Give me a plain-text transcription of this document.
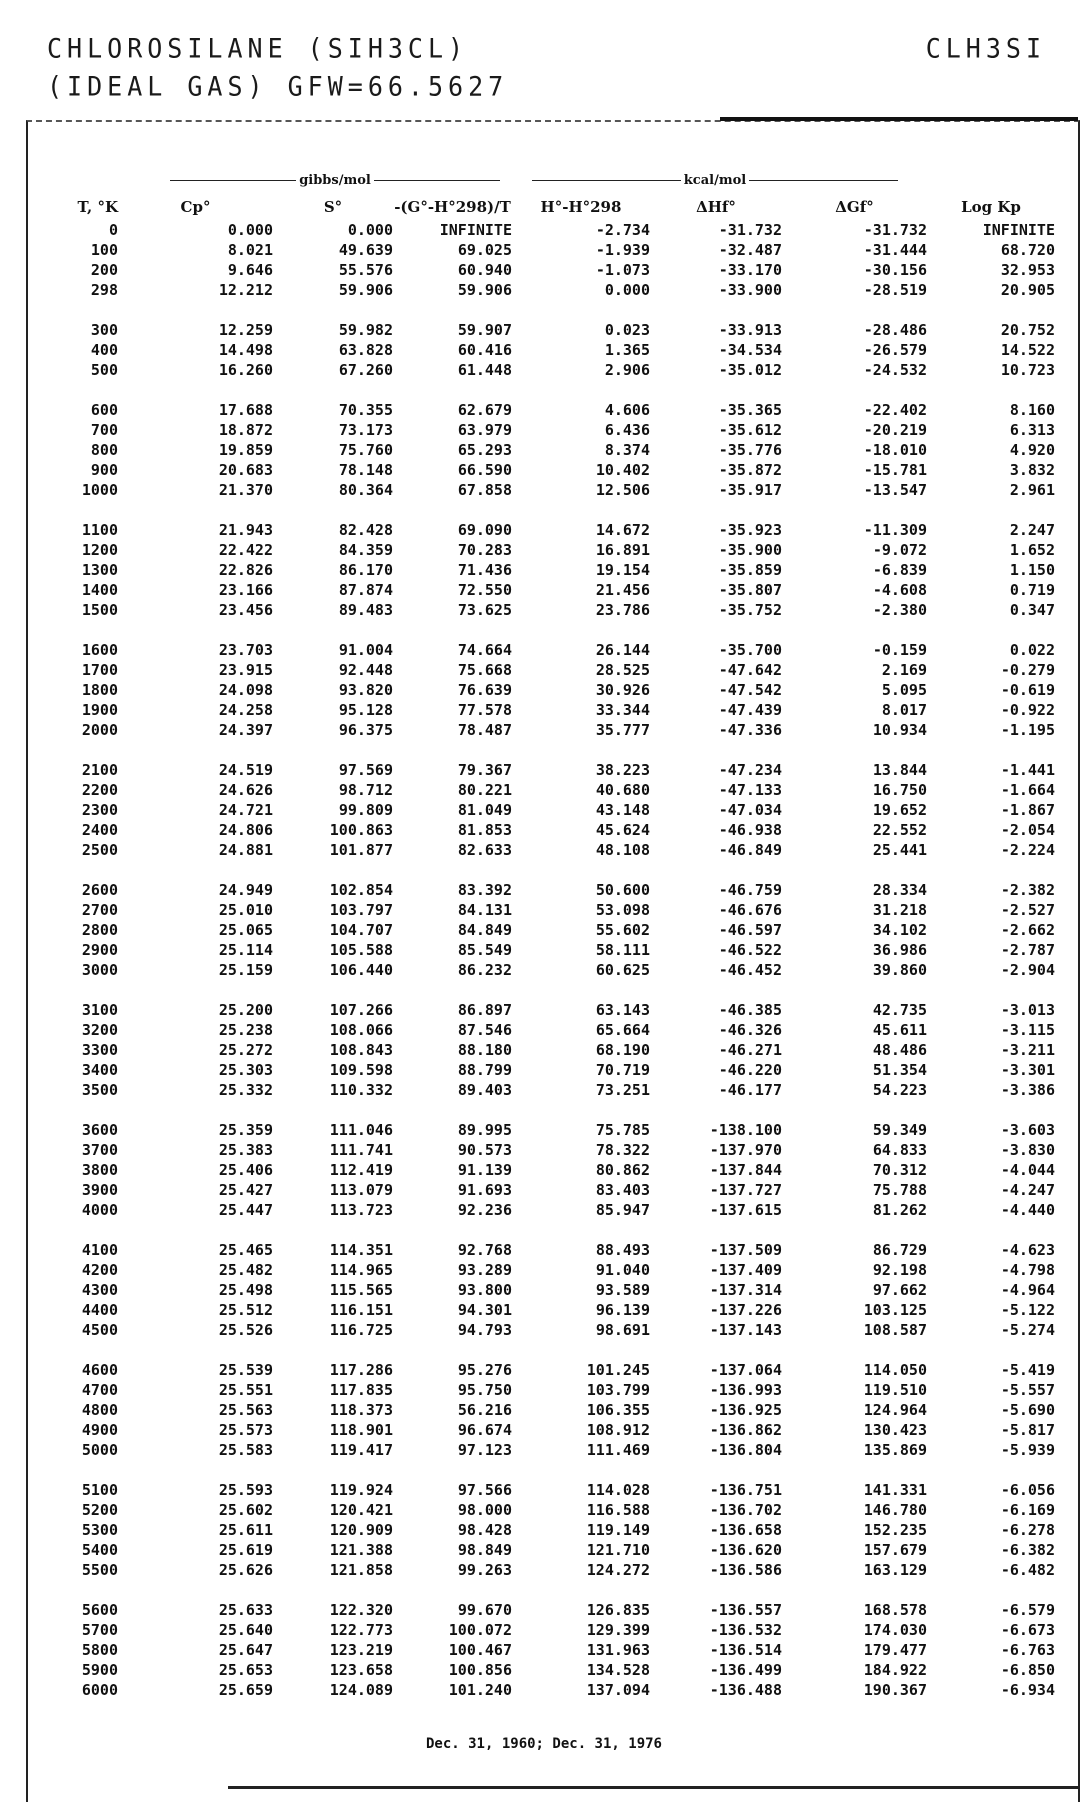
CHLOROSILANE (SIH3CL)
(IDEAL GAS) GFW=66.5627
CLH3SI
gibbs/mol	kcal/mol
T, °K	Cp°	S°	-(G°-H°298)/T	H°-H°298	ΔHf°	ΔGf°	Log Kp
0	0.000	0.000	INFINITE	-2.734	-31.732	-31.732	INFINITE
100	8.021	49.639	69.025	-1.939	-32.487	-31.444	68.720
200	9.646	55.576	60.940	-1.073	-33.170	-30.156	32.953
298	12.212	59.906	59.906	0.000	-33.900	-28.519	20.905

300	12.259	59.982	59.907	0.023	-33.913	-28.486	20.752
400	14.498	63.828	60.416	1.365	-34.534	-26.579	14.522
500	16.260	67.260	61.448	2.906	-35.012	-24.532	10.723

600	17.688	70.355	62.679	4.606	-35.365	-22.402	8.160
700	18.872	73.173	63.979	6.436	-35.612	-20.219	6.313
800	19.859	75.760	65.293	8.374	-35.776	-18.010	4.920
900	20.683	78.148	66.590	10.402	-35.872	-15.781	3.832
1000	21.370	80.364	67.858	12.506	-35.917	-13.547	2.961

1100	21.943	82.428	69.090	14.672	-35.923	-11.309	2.247
1200	22.422	84.359	70.283	16.891	-35.900	-9.072	1.652
1300	22.826	86.170	71.436	19.154	-35.859	-6.839	1.150
1400	23.166	87.874	72.550	21.456	-35.807	-4.608	0.719
1500	23.456	89.483	73.625	23.786	-35.752	-2.380	0.347

1600	23.703	91.004	74.664	26.144	-35.700	-0.159	0.022
1700	23.915	92.448	75.668	28.525	-47.642	2.169	-0.279
1800	24.098	93.820	76.639	30.926	-47.542	5.095	-0.619
1900	24.258	95.128	77.578	33.344	-47.439	8.017	-0.922
2000	24.397	96.375	78.487	35.777	-47.336	10.934	-1.195

2100	24.519	97.569	79.367	38.223	-47.234	13.844	-1.441
2200	24.626	98.712	80.221	40.680	-47.133	16.750	-1.664
2300	24.721	99.809	81.049	43.148	-47.034	19.652	-1.867
2400	24.806	100.863	81.853	45.624	-46.938	22.552	-2.054
2500	24.881	101.877	82.633	48.108	-46.849	25.441	-2.224

2600	24.949	102.854	83.392	50.600	-46.759	28.334	-2.382
2700	25.010	103.797	84.131	53.098	-46.676	31.218	-2.527
2800	25.065	104.707	84.849	55.602	-46.597	34.102	-2.662
2900	25.114	105.588	85.549	58.111	-46.522	36.986	-2.787
3000	25.159	106.440	86.232	60.625	-46.452	39.860	-2.904

3100	25.200	107.266	86.897	63.143	-46.385	42.735	-3.013
3200	25.238	108.066	87.546	65.664	-46.326	45.611	-3.115
3300	25.272	108.843	88.180	68.190	-46.271	48.486	-3.211
3400	25.303	109.598	88.799	70.719	-46.220	51.354	-3.301
3500	25.332	110.332	89.403	73.251	-46.177	54.223	-3.386

3600	25.359	111.046	89.995	75.785	-138.100	59.349	-3.603
3700	25.383	111.741	90.573	78.322	-137.970	64.833	-3.830
3800	25.406	112.419	91.139	80.862	-137.844	70.312	-4.044
3900	25.427	113.079	91.693	83.403	-137.727	75.788	-4.247
4000	25.447	113.723	92.236	85.947	-137.615	81.262	-4.440

4100	25.465	114.351	92.768	88.493	-137.509	86.729	-4.623
4200	25.482	114.965	93.289	91.040	-137.409	92.198	-4.798
4300	25.498	115.565	93.800	93.589	-137.314	97.662	-4.964
4400	25.512	116.151	94.301	96.139	-137.226	103.125	-5.122
4500	25.526	116.725	94.793	98.691	-137.143	108.587	-5.274

4600	25.539	117.286	95.276	101.245	-137.064	114.050	-5.419
4700	25.551	117.835	95.750	103.799	-136.993	119.510	-5.557
4800	25.563	118.373	56.216	106.355	-136.925	124.964	-5.690
4900	25.573	118.901	96.674	108.912	-136.862	130.423	-5.817
5000	25.583	119.417	97.123	111.469	-136.804	135.869	-5.939

5100	25.593	119.924	97.566	114.028	-136.751	141.331	-6.056
5200	25.602	120.421	98.000	116.588	-136.702	146.780	-6.169
5300	25.611	120.909	98.428	119.149	-136.658	152.235	-6.278
5400	25.619	121.388	98.849	121.710	-136.620	157.679	-6.382
5500	25.626	121.858	99.263	124.272	-136.586	163.129	-6.482

5600	25.633	122.320	99.670	126.835	-136.557	168.578	-6.579
5700	25.640	122.773	100.072	129.399	-136.532	174.030	-6.673
5800	25.647	123.219	100.467	131.963	-136.514	179.477	-6.763
5900	25.653	123.658	100.856	134.528	-136.499	184.922	-6.850
6000	25.659	124.089	101.240	137.094	-136.488	190.367	-6.934
Dec. 31, 1960; Dec. 31, 1976
